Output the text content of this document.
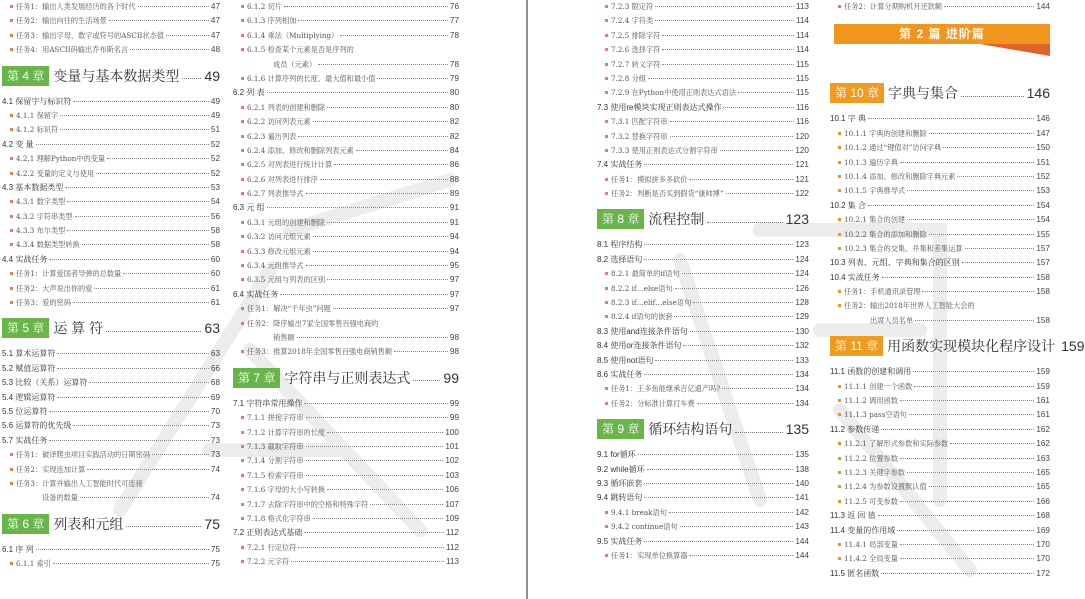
任务1：输出人类发展经历的各个时代	47
任务2：输出向往的生活场景	47
任务3：输出字母、数字或符号的ASCII状态值	47
任务4：用ASCII码输出乔布斯名言	48
第 4 章 变量与基本数据类型 49
4.1 保留字与标识符	49
4.1.1 保留字	49
4.1.2 标识符	51
4.2 变 量	52
4.2.1 理解Python中的变量	52
4.2.2 变量的定义与使用	52
4.3 基本数据类型	53
4.3.1 数字类型	54
4.3.2 字符串类型	56
4.3.3 布尔类型	58
4.3.4 数据类型转换	58
4.4 实战任务	60
任务1：计算爱国者导弹的总数量	60
任务2：大声说出你的爱	61
任务3：爱的密码	61
第 5 章 运 算 符	63
5.1 算术运算符	63
5.2 赋值运算符	66
5.3 比较（关系）运算符	68
5.4 逻辑运算符	69
5.5 位运算符	70
5.6 运算符的优先级	73
5.7 实战任务	73
任务1：破译爬虫项目实践活动的日期密码	73
任务2：实现连加计算	74
任务3：计算并输出人工智能时代可连接
设备的数量	74
第 6 章 列表和元组	75
6.1 序 列	75
6.1.1 索引	75
6.1.2 切片	76
6.1.3 序列相加	77
6.1.4 乘法（Multiplying）	78
6.1.5 检查某个元素是否是序列的
成员（元素）	78
6.1.6 计算序列的长度、最大值和最小值	79
6.2 列 表	80
6.2.1 列表的创建和删除	80
6.2.2 访问列表元素	82
6.2.3 遍历列表	82
6.2.4 添加、修改和删除列表元素	84
6.2.5 对列表进行统计计算	86
6.2.6 对列表进行排序	88
6.2.7 列表推导式	89
6.3 元 组	91
6.3.1 元组的创建和删除	91
6.3.2 访问元组元素	94
6.3.3 修改元组元素	94
6.3.4 元组推导式	95
6.3.5 元组与列表的区别	97
6.4 实战任务	97
任务1：解决“千年虫”问题	97
任务2：降序输出7家全国零售百强电商的
销售额	98
任务3：推算2018年全国零售百强电商销售额	98
第 7 章 字符串与正则表达式 99
7.1 字符串常用操作	99
7.1.1 拼接字符串	99
7.1.2 计算字符串的长度	100
7.1.3 截取字符串	101
7.1.4 分割字符串	102
7.1.5 检索字符串	103
7.1.6 字母的大小写转换	106
7.1.7 去除字符串中的空格和特殊字符	107
7.1.8 格式化字符串	109
7.2 正则表达式基础	112
7.2.1 行定位符	112
7.2.2 元字符	113
7.2.3 限定符	113
7.2.4 字符类	114
7.2.5 排除字符	114
7.2.6 选择字符	114
7.2.7 转义字符	115
7.2.8 分组	115
7.2.9 在Python中使用正则表达式语法	115
7.3 使用re模块实现正则表达式操作	116
7.3.1 匹配字符串	116
7.3.2 替换字符串	120
7.3.3 使用正则表达式分割字符串	120
7.4 实战任务	121
任务1：模拟拼多多砍价	121
任务2：判断是否买到假货“康帅博”	122
第 8 章 流程控制	123
8.1 程序结构	123
8.2 选择语句	124
8.2.1 最简单的if语句	124
8.2.2 if…else语句	126
8.2.3 if…elif…else语句	128
8.2.4 if语句的嵌套	129
8.3 使用and连接条件语句	130
8.4 使用or连接条件语句	132
8.5 使用not语句	133
8.6 实战任务	134
任务1：王多鱼能继承百亿遗产吗?	134
任务2：分标准计算打车费	134
第 9 章 循环结构语句	135
9.1 for循环	135
9.2 while循环	138
9.3 循环嵌套	140
9.4 跳转语句	141
9.4.1 break语句	142
9.4.2 continue语句	143
9.5 实战任务	144
任务1：实现单位换算器	144
任务2：计算分期购机月还款额	144
第 2 篇 进阶篇
第 10 章 字典与集合	146
10.1 字 典	146
10.1.1 字典的创建和删除	147
10.1.2 通过“键值对”访问字典	150
10.1.3 遍历字典	151
10.1.4 添加、修改和删除字典元素	152
10.1.5 字典推导式	153
10.2 集 合	154
10.2.1 集合的创建	154
10.2.2 集合的添加和删除	155
10.2.3 集合的交集、并集和差集运算	157
10.3 列表、元组、字典和集合的区别	157
10.4 实战任务	158
任务1：手机通讯录管理	158
任务2：输出2018年世界人工智能大会的
出席人员名单	158
第 11 章 用函数实现模块化程序设计 159
11.1 函数的创建和调用	159
11.1.1 创建一个函数	159
11.1.2 调用函数	161
11.1.3 pass空语句	161
11.2 参数传递	162
11.2.1 了解形式参数和实际参数	162
11.2.2 位置参数	163
11.2.3 关键字参数	165
11.2.4 为参数设置默认值	165
11.2.5 可变参数	166
11.3 返 回 值	168
11.4 变量的作用域	169
11.4.1 局部变量	170
11.4.2 全局变量	170
11.5 匿名函数	172
